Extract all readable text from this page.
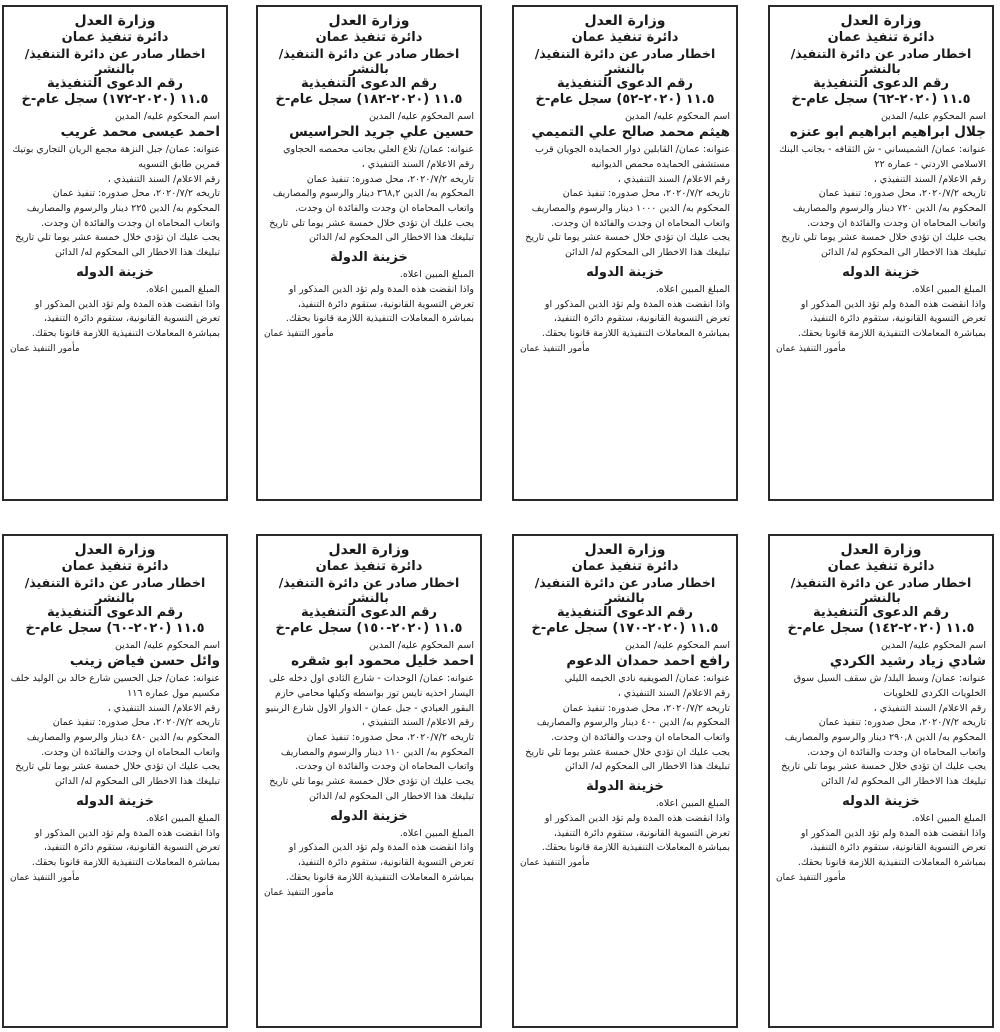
وزارة العدل
دائرة تنفيذ عمان
اخطار صادر عن دائرة التنفيذ/بالنشر
رقم الدعوى التنفيذية
١١.٥ (٢٠٢٠-٦٢) سجل عام-خ
اسم المحكوم عليه/ المدين
جلال ابراهيم ابراهيم ابو عنزه
عنوانه: عمان/ الشميساني - ش الثقافه - بجانب البنك الاسلامي الاردني - عماره ٢٢
رقم الاعلام/ السند التنفيذي ،
تاريخه ٢٠٢٠/٧/٢، محل صدوره: تنفيذ عمان
المحكوم به/ الدين ٧٢٠ دينار والرسوم والمصاريف واتعاب المحاماه ان وجدت والفائدة ان وجدت.
يجب عليك ان تؤدي خلال خمسة عشر يوما تلي تاريخ تبليغك هذا الاخطار الى المحكوم له/ الدائن
خزينة الدوله
المبلغ المبين اعلاه.
واذا انقضت هذه المدة ولم تؤد الدين المذكور او تعرض التسوية القانونية، ستقوم دائرة التنفيذ، بمباشرة المعاملات التنفيذية اللازمة قانونا بحقك.
مأمور التنفيذ عمان
وزارة العدل
دائرة تنفيذ عمان
اخطار صادر عن دائرة التنفيذ/بالنشر
رقم الدعوى التنفيذية
١١.٥ (٢٠٢٠-٥٢) سجل عام-خ
اسم المحكوم عليه/ المدين
هيثم محمد صالح علي التميمي
عنوانه: عمان/ القابلين دوار الحمايده الجويان قرب مستشفى الحمايده محمص الديوانيه
رقم الاعلام/ السند التنفيذي ،
تاريخه ٢٠٢٠/٧/٢، محل صدوره: تنفيذ عمان
المحكوم به/ الدين ١٠٠٠ دينار والرسوم والمصاريف واتعاب المحاماه ان وجدت والفائدة ان وجدت.
يجب عليك ان تؤدي خلال خمسة عشر يوما تلي تاريخ تبليغك هذا الاخطار الى المحكوم له/ الدائن
خزينة الدوله
المبلغ المبين اعلاه.
واذا انقضت هذه المدة ولم تؤد الدين المذكور او تعرض التسوية القانونية، ستقوم دائرة التنفيذ، بمباشرة المعاملات التنفيذية اللازمة قانونا بحقك.
مأمور التنفيذ عمان
وزارة العدل
دائرة تنفيذ عمان
اخطار صادر عن دائرة التنفيذ/بالنشر
رقم الدعوى التنفيذية
١١.٥ (٢٠٢٠-١٨٢) سجل عام-خ
اسم المحكوم عليه/ المدين
حسين علي جريد الحراسيس
عنوانه: عمان/ تلاع العلي بجانب محمصه الحجاوي
رقم الاعلام/ السند التنفيذي ،
تاريخه ٢٠٢٠/٧/٢، محل صدوره: تنفيذ عمان
المحكوم به/ الدين ٣٦٨,٢ دينار والرسوم والمصاريف واتعاب المحاماه ان وجدت والفائدة ان وجدت.
يجب عليك ان تؤدي خلال خمسة عشر يوما تلي تاريخ تبليغك هذا الاخطار الى المحكوم له/ الدائن
خزينة الدولة
المبلغ المبين اعلاه.
واذا انقضت هذه المدة ولم تؤد الدين المذكور او تعرض التسوية القانونية، ستقوم دائرة التنفيذ، بمباشرة المعاملات التنفيذية اللازمة قانونا بحقك.
مأمور التنفيذ عمان
وزارة العدل
دائرة تنفيذ عمان
اخطار صادر عن دائرة التنفيذ/بالنشر
رقم الدعوى التنفيذية
١١.٥ (٢٠٢٠-١٧٢) سجل عام-خ
اسم المحكوم عليه/ المدين
احمد عيسى محمد غريب
عنوانه: عمان/ جبل النزهة مجمع الريان التجاري بوتيك قمرين طابق التسويه
رقم الاعلام/ السند التنفيذي ،
تاريخه ٢٠٢٠/٧/٢، محل صدوره: تنفيذ عمان
المحكوم به/ الدين ٢٢٥ دينار والرسوم والمصاريف واتعاب المحاماه ان وجدت والفائدة ان وجدت.
يجب عليك ان تؤدي خلال خمسة عشر يوما تلي تاريخ تبليغك هذا الاخطار الى المحكوم له/ الدائن
خزينة الدوله
المبلغ المبين اعلاه.
واذا انقضت هذه المدة ولم تؤد الدين المذكور او تعرض التسوية القانونية، ستقوم دائرة التنفيذ، بمباشرة المعاملات التنفيذية اللازمة قانونا بحقك.
مأمور التنفيذ عمان
وزارة العدل
دائرة تنفيذ عمان
اخطار صادر عن دائرة التنفيذ/بالنشر
رقم الدعوى التنفيذية
١١.٥ (٢٠٢٠-١٤٢) سجل عام-خ
اسم المحكوم عليه/ المدين
شادي زياد رشيد الكردي
عنوانه: عمان/ وسط البلد/ ش سقف السيل سوق الخلويات الكردي للخلويات
رقم الاعلام/ السند التنفيذي ،
تاريخه ٢٠٢٠/٧/٢، محل صدوره: تنفيذ عمان
المحكوم به/ الدين ٢٩٠,٨ دينار والرسوم والمصاريف واتعاب المحاماه ان وجدت والفائدة ان وجدت.
يجب عليك ان تؤدي خلال خمسة عشر يوما تلي تاريخ تبليغك هذا الاخطار الى المحكوم له/ الدائن
خزينة الدوله
المبلغ المبين اعلاه.
واذا انقضت هذه المدة ولم تؤد الدين المذكور او تعرض التسوية القانونية، ستقوم دائرة التنفيذ، بمباشرة المعاملات التنفيذية اللازمة قانونا بحقك.
مأمور التنفيذ عمان
وزارة العدل
دائرة تنفيذ عمان
اخطار صادر عن دائرة التنفيذ/بالنشر
رقم الدعوى التنفيذية
١١.٥ (٢٠٢٠-١٧٠) سجل عام-خ
اسم المحكوم عليه/ المدين
رافع احمد حمدان الدعوم
عنوانه: عمان/ الصويفيه نادي الخيمه الليلي
رقم الاعلام/ السند التنفيذي ،
تاريخه ٢٠٢٠/٧/٢، محل صدوره: تنفيذ عمان
المحكوم به/ الدين ٤٠٠ دينار والرسوم والمصاريف واتعاب المحاماه ان وجدت والفائدة ان وجدت.
يجب عليك ان تؤدي خلال خمسة عشر يوما تلي تاريخ تبليغك هذا الاخطار الى المحكوم له/ الدائن
خزينة الدولة
المبلغ المبين اعلاه.
واذا انقضت هذه المدة ولم تؤد الدين المذكور او تعرض التسوية القانونية، ستقوم دائرة التنفيذ، بمباشرة المعاملات التنفيذية اللازمة قانونا بحقك.
مأمور التنفيذ عمان
وزارة العدل
دائرة تنفيذ عمان
اخطار صادر عن دائرة التنفيذ/بالنشر
رقم الدعوى التنفيذية
١١.٥ (٢٠٢٠-١٥٠) سجل عام-خ
اسم المحكوم عليه/ المدين
احمد خليل محمود ابو شقره
عنوانه: عمان/ الوحدات - شارع الثادي اول دخله على اليسار احذيه نايس توز بواسطه وكيلها محامي حازم البقور العبادي - جبل عمان - الدوار الاول شارع الربنيو
رقم الاعلام/ السند التنفيذي ،
تاريخه ٢٠٢٠/٧/٢، محل صدوره: تنفيذ عمان
المحكوم به/ الدين ١١٠ دينار والرسوم والمصاريف واتعاب المحاماه ان وجدت والفائدة ان وجدت.
يجب عليك ان تؤدي خلال خمسة عشر يوما تلي تاريخ تبليغك هذا الاخطار الى المحكوم له/ الدائن
خزينة الدوله
المبلغ المبين اعلاه.
واذا انقضت هذه المدة ولم تؤد الدين المذكور او تعرض التسوية القانونية، ستقوم دائرة التنفيذ، بمباشرة المعاملات التنفيذية اللازمة قانونا بحقك.
مأمور التنفيذ عمان
وزارة العدل
دائرة تنفيذ عمان
اخطار صادر عن دائرة التنفيذ/بالنشر
رقم الدعوى التنفيذية
١١.٥ (٢٠٢٠-٦٠) سجل عام-خ
اسم المحكوم عليه/ المدين
وائل حسن فياض زينب
عنوانه: عمان/ جبل الحسين شارع خالد بن الوليد خلف مكسيم مول عماره ١١٦
رقم الاعلام/ السند التنفيذي ،
تاريخه ٢٠٢٠/٧/٢، محل صدوره: تنفيذ عمان
المحكوم به/ الدين ٤٨٠ دينار والرسوم والمصاريف واتعاب المحاماه ان وجدت والفائدة ان وجدت.
يجب عليك ان تؤدي خلال خمسة عشر يوما تلي تاريخ تبليغك هذا الاخطار الى المحكوم له/ الدائن
خزينة الدوله
المبلغ المبين اعلاه.
واذا انقضت هذه المدة ولم تؤد الدين المذكور او تعرض التسوية القانونية، ستقوم دائرة التنفيذ، بمباشرة المعاملات التنفيذية اللازمة قانونا بحقك.
مأمور التنفيذ عمان
